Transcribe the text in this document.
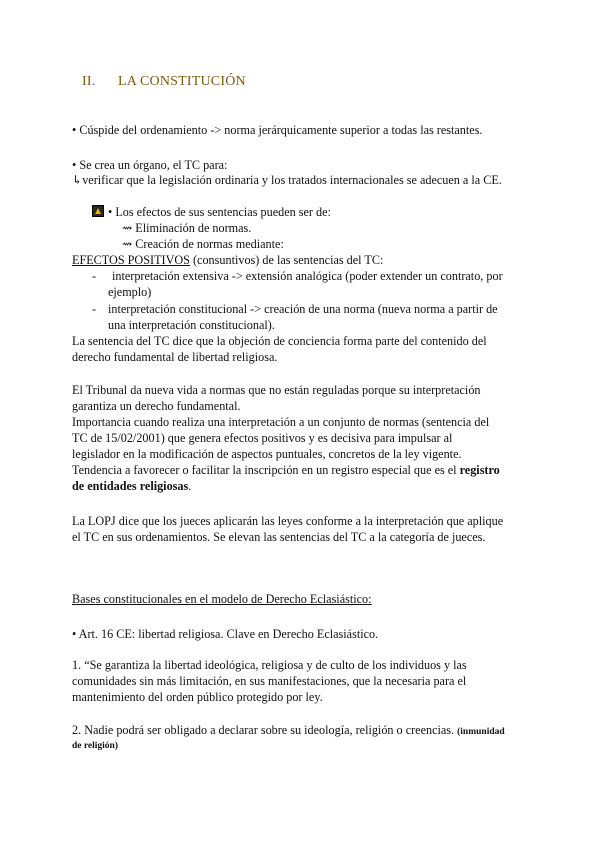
II. LA CONSTITUCIÓN
• Cúspide del ordenamiento -> norma jerárquicamente superior a todas las restantes.
• Se crea un órgano, el TC para:
↳verificar que la legislación ordinaria y los tratados internacionales se adecuen a la CE.
• Los efectos de sus sentencias pueden ser de:
⇝ Eliminación de normas.
⇝ Creación de normas mediante:
EFECTOS POSITIVOS (consuntivos) de las sentencias del TC:
- interpretación extensiva -> extensión analógica (poder extender un contrato, por
ejemplo)
- interpretación constitucional -> creación de una norma (nueva norma a partir de
una interpretación constitucional).
La sentencia del TC dice que la objeción de conciencia forma parte del contenido del
derecho fundamental de libertad religiosa.
El Tribunal da nueva vida a normas que no están reguladas porque su interpretación
garantiza un derecho fundamental.
Importancia cuando realiza una interpretación a un conjunto de normas (sentencia del
TC de 15/02/2001) que genera efectos positivos y es decisiva para impulsar al
legislador en la modificación de aspectos puntuales, concretos de la ley vigente.
Tendencia a favorecer o facilitar la inscripción en un registro especial que es el registro
de entidades religiosas.
La LOPJ dice que los jueces aplicarán las leyes conforme a la interpretación que aplique
el TC en sus ordenamientos. Se elevan las sentencias del TC a la categoría de jueces.
Bases constitucionales en el modelo de Derecho Eclasiástico:
• Art. 16 CE: libertad religiosa. Clave en Derecho Eclasiástico.
1. “Se garantiza la libertad ideológica, religiosa y de culto de los individuos y las
comunidades sin más limitación, en sus manifestaciones, que la necesaria para el
mantenimiento del orden público protegido por ley.
2. Nadie podrá ser obligado a declarar sobre su ideología, religión o creencias. (inmunidad
de religión)
